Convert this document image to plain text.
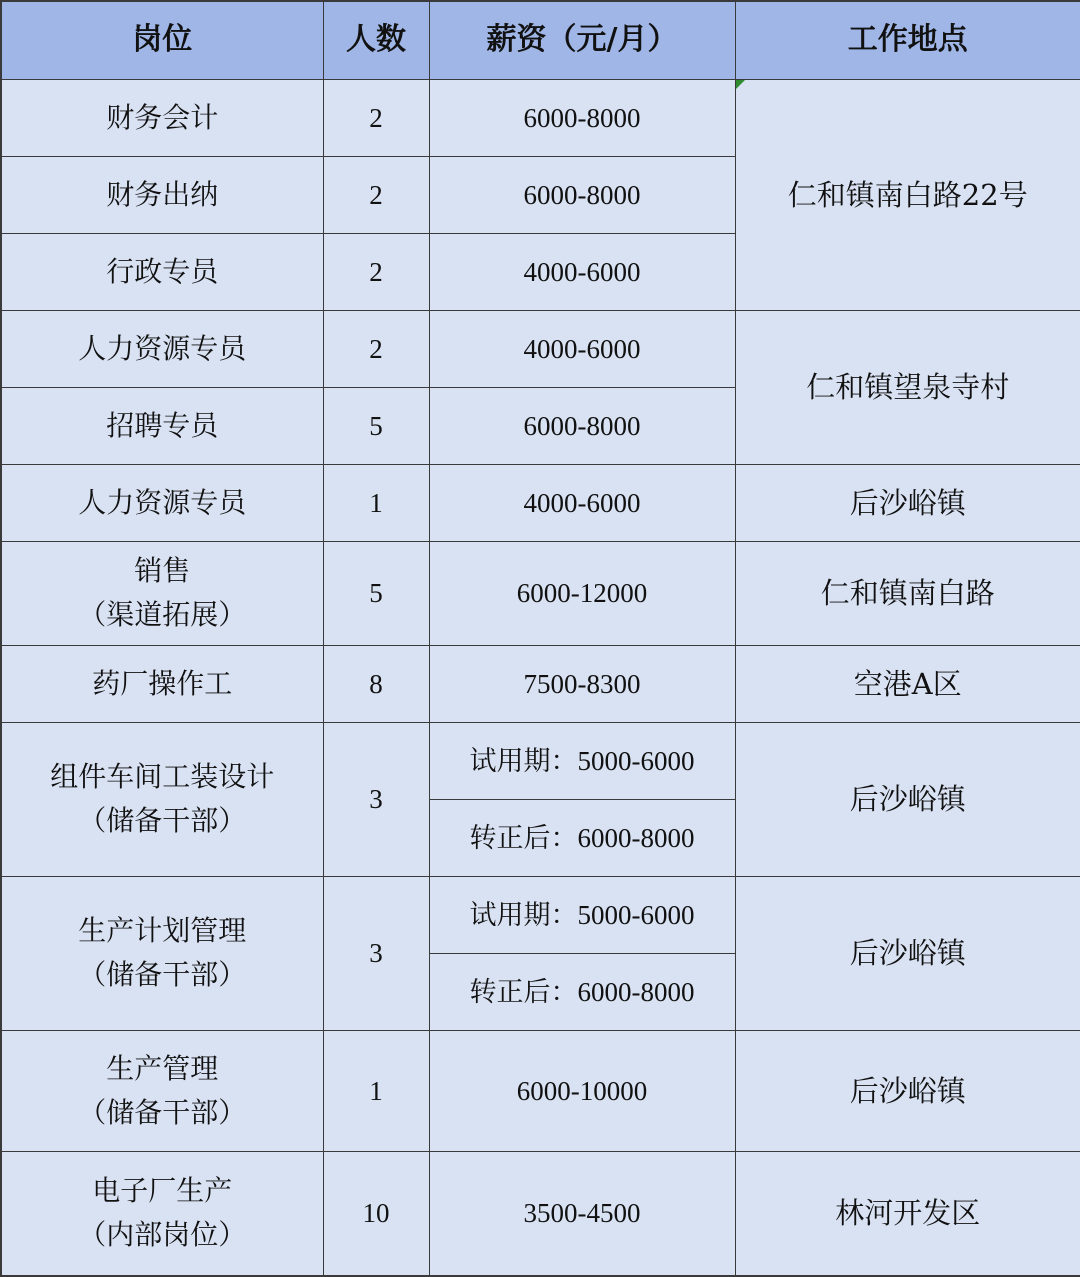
岗位	人数	薪资（元/月）	工作地点
财务会计	2	6000-8000	仁和镇南白路22号
财务出纳	2	6000-8000	
行政专员	2	4000-6000	
人力资源专员	2	4000-6000	仁和镇望泉寺村
招聘专员	5	6000-8000	
人力资源专员	1	4000-6000	后沙峪镇

销售
（渠道拓展）	5	6000-12000	仁和镇南白路
药厂操作工	8	7500-8300	空港A区

组件车间工装设计
（储备干部）	3	试用期：5000-6000	后沙峪镇
		转正后：6000-8000	

生产计划管理
（储备干部）	3	试用期：5000-6000	后沙峪镇
		转正后：6000-8000	

生产管理
（储备干部）	1	6000-10000	后沙峪镇

电子厂生产
（内部岗位）	10	3500-4500	林河开发区
